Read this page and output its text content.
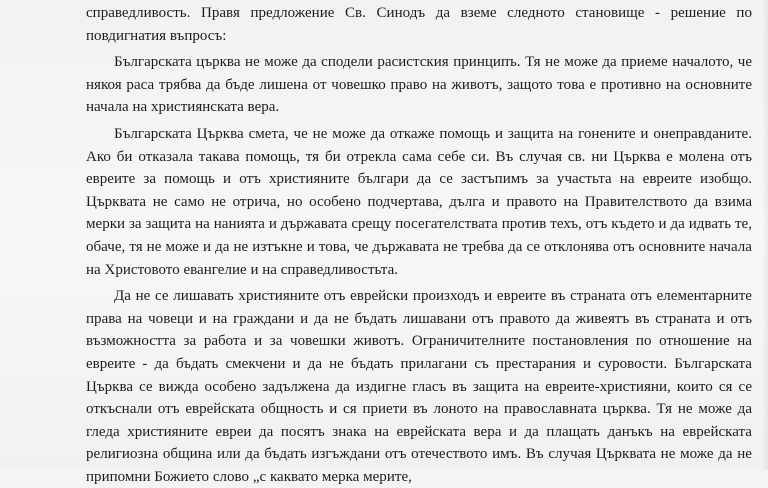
справедливость. Правя предложение Св. Синодъ да вземе следното становище - решение по повдигнатия въпросъ:

Българската църква не може да сподели расистския принципъ. Тя не може да приеме началото, че някоя раса трябва да бъде лишена от човешко право на животъ, защото това е противно на основните начала на християнската вера.

Българската Църква смета, че не може да откаже помощь и защита на гонените и онеправданите. Ако би отказала такава помощь, тя би отрекла сама себе си. Въ случая св. ни Църква е молена отъ евреите за помощь и отъ християните българи да се застъпимъ за участьта на евреите изобщо. Църквата не само не отрича, но особено подчертава, дълга и правото на Правителството да взима мерки за защита на нанията и държавата срещу посегателствата против техъ, отъ където и да идвать те, обаче, тя не може и да не изтъкне и това, че държавата не требва да се отклонява отъ основните начала на Христовото евангелие и на справедливостьта.

Да не се лишавать християните отъ еврейски произходъ и евреите въ страната отъ елементарните права на човеци и на граждани и да не бъдать лишавани отъ правото да живеятъ въ страната и отъ възможността за работа и за човешки животъ. Ограничителните постановления по отношение на евреите - да бъдать смекчени и да не бъдать прилагани съ престарания и суровости. Българската Църква се вижда особено задължена да издигне гласъ въ защита на евреите-християни, които ся се откъснали отъ еврейската общность и ся приети въ лоното на православната църква. Тя не може да гледа християните евреи да посятъ знака на еврейската вера и да плащать данъкъ на еврейската религиозна община или да бъдать изгъждани отъ отечеството имъ. Въ случая Църквата не може да не припомни Божието слово „с каквато мерка мерите,
